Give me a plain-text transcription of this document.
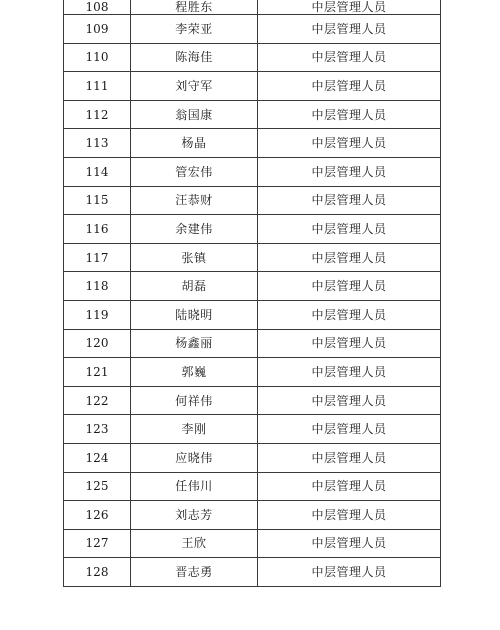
108	程胜东	中层管理人员
109	李荣亚	中层管理人员
110	陈海佳	中层管理人员
111	刘守军	中层管理人员
112	翁国康	中层管理人员
113	杨晶	中层管理人员
114	管宏伟	中层管理人员
115	汪恭财	中层管理人员
116	余建伟	中层管理人员
117	张镇	中层管理人员
118	胡磊	中层管理人员
119	陆晓明	中层管理人员
120	杨鑫丽	中层管理人员
121	郭巍	中层管理人员
122	何祥伟	中层管理人员
123	李刚	中层管理人员
124	应晓伟	中层管理人员
125	任伟川	中层管理人员
126	刘志芳	中层管理人员
127	王欣	中层管理人员
128	晋志勇	中层管理人员
